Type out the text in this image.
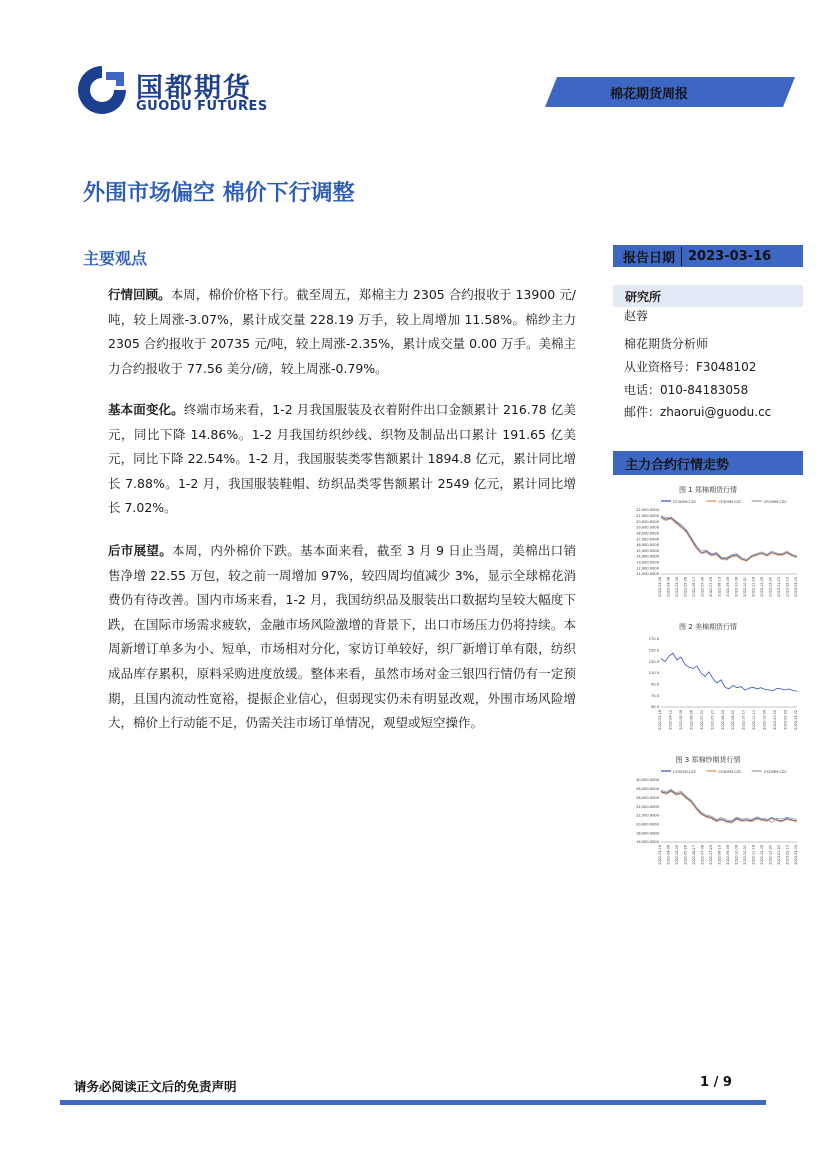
国都期货
GUODU FUTURES
棉花期货周报
外围市场偏空 棉价下行调整
主要观点
行情回顾。本周，棉价价格下行。截至周五，郑棉主力 2305 合约报收于 13900 元/吨，较上周涨-3.07%，累计成交量 228.19 万手，较上周增加 11.58%。棉纱主力 2305 合约报收于 20735 元/吨，较上周涨-2.35%，累计成交量 0.00 万手。美棉主力合约报收于 77.56 美分/磅，较上周涨-0.79%。
基本面变化。终端市场来看，1-2 月我国服装及衣着附件出口金额累计 216.78 亿美元，同比下降 14.86%。1-2 月我国纺织纱线、织物及制品出口累计 191.65 亿美元，同比下降 22.54%。1-2 月，我国服装类零售额累计 1894.8 亿元，累计同比增长 7.88%。1-2 月，我国服装鞋帽、纺织品类零售额累计 2549 亿元，累计同比增长 7.02%。
后市展望。本周，内外棉价下跌。基本面来看，截至 3 月 9 日止当周，美棉出口销售净增 22.55 万包，较之前一周增加 97%，较四周均值减少 3%，显示全球棉花消费仍有待改善。国内市场来看，1-2 月，我国纺织品及服装出口数据均呈较大幅度下跌，在国际市场需求疲软，金融市场风险激增的背景下，出口市场压力仍将持续。本周新增订单多为小、短单，市场相对分化，家访订单较好，织厂新增订单有限，纺织成品库存累积，原料采购进度放缓。整体来看，虽然市场对金三银四行情仍有一定预期，且国内流动性宽裕，提振企业信心，但弱现实仍未有明显改观，外围市场风险增大，棉价上行动能不足，仍需关注市场订单情况，观望或短空操作。
报告日期	2023-03-16
研究所
赵蓉
棉花期货分析师
从业资格号：F3048102
电话：010-84183058
邮件：zhaorui@guodu.cc
主力合约行情走势
图 1 郑棉期货行情
图 2 美棉期货行情
图 3 郑棉纱期货行情
CF305M.CZC	CF309M.CZC	CF209M.CZC
22,000.0000
21,000.0000
20,000.0000
19,000.0000
18,000.0000
17,000.0000
16,000.0000
15,000.0000
14,000.0000
13,000.0000
12,000.0000
11,000.0000
2022-03-16 2022-04-08 2022-05-05 2022-05-26 2022-06-17 2022-07-08 2022-07-29 2022-08-19 2022-09-09 2022-10-08 2022-10-31 2022-11-18 2022-12-09 2022-12-30 2023-01-20 2023-02-10 2023-03-03
170.0
150.0
130.0
110.0
90.0
70.0
50.0
2022-03-16 2022-04-12 2022-05-09 2022-06-06 2022-07-01 2022-07-27 2022-08-23 2022-09-20 2022-10-17 2022-11-11 2022-12-09 2023-01-05 2023-02-03 2023-03-02
CY301M.CZC	CY305M.CZC	CY209M.CZC
30,000.0000
28,000.0000
26,000.0000
24,000.0000
22,000.0000
20,000.0000
18,000.0000
16,000.0000
2022-03-16 2022-04-08 2022-05-05 2022-05-26 2022-06-17 2022-07-08 2022-07-29 2022-08-19 2022-09-09 2022-10-08 2022-10-31 2022-11-18 2022-12-09 2022-12-30 2023-01-20 2023-02-10 2023-03-03
请务必阅读正文后的免责声明	1 / 9
